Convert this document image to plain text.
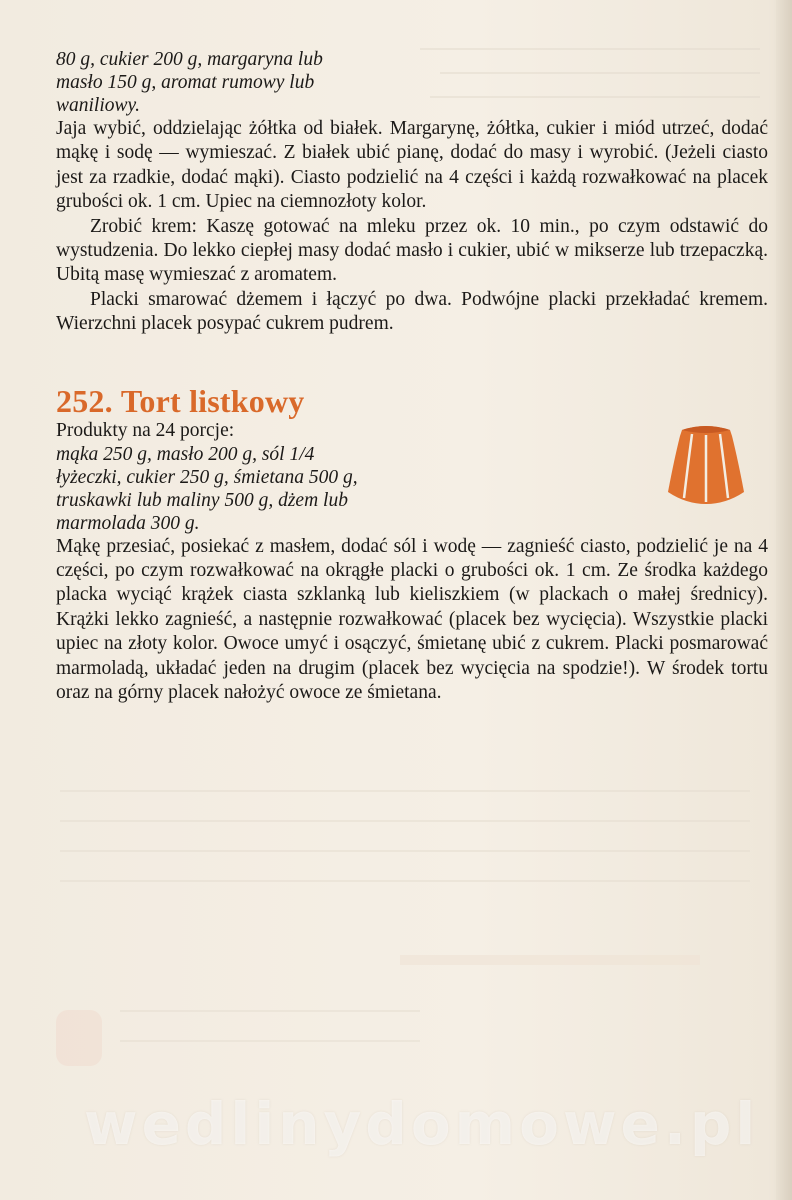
80 g, cukier 200 g, margaryna lub
masło 150 g, aromat rumowy lub
waniliowy.

Jaja wybić, oddzielając żółtka od białek. Margarynę, żółtka, cukier i miód utrzeć, dodać mąkę i sodę — wymieszać. Z białek ubić pianę, dodać do masy i wyrobić. (Jeżeli ciasto jest za rzadkie, dodać mąki). Ciasto podzielić na 4 części i każdą rozwałkować na placek grubości ok. 1 cm. Upiec na ciemnozłoty kolor.

Zrobić krem: Kaszę gotować na mleku przez ok. 10 min., po czym odstawić do wystudzenia. Do lekko ciepłej masy dodać masło i cukier, ubić w mikserze lub trzepaczką. Ubitą masę wymieszać z aromatem.

Placki smarować dżemem i łączyć po dwa. Podwójne placki przekładać kremem. Wierzchni placek posypać cukrem pudrem.

252. Tort listkowy
Produkty na 24 porcje:
mąka 250 g, masło 200 g, sól 1/4
łyżeczki, cukier 250 g, śmietana 500 g,
truskawki lub maliny 500 g, dżem lub
marmolada 300 g.

Mąkę przesiać, posiekać z masłem, dodać sól i wodę — zagnieść ciasto, podzielić je na 4 części, po czym rozwałkować na okrągłe placki o grubości ok. 1 cm. Ze środka każdego placka wyciąć krążek ciasta szklanką lub kieliszkiem (w plackach o małej średnicy). Krążki lekko zagnieść, a następnie rozwałkować (placek bez wycięcia). Wszystkie placki upiec na złoty kolor. Owoce umyć i osączyć, śmietanę ubić z cukrem. Placki posmarować marmoladą, układać jeden na drugim (placek bez wycięcia na spodzie!). W środek tortu oraz na górny placek nałożyć owoce ze śmietana.

wedlinydomowe.pl
